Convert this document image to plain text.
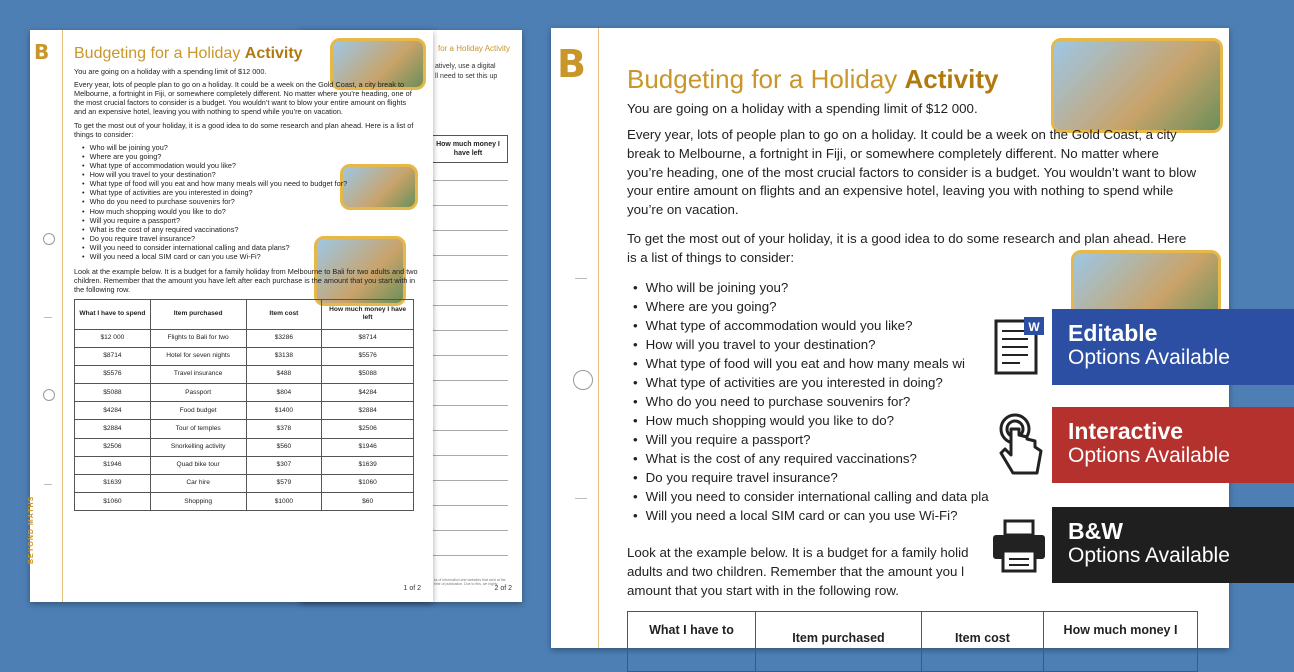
for a Holiday Activity
atively, use a digital
ll need to set this up
How much money I have left
ks of information and websites that ared at the time of publication. Due to this, we highly
2 of 2
B Budgeting for a Holiday Activity

You are going on a holiday with a spending limit of $12 000.

Every year, lots of people plan to go on a holiday. It could be a week on the Gold Coast, a city break to Melbourne, a fortnight in Fiji, or somewhere completely different. No matter where you’re heading, one of the most crucial factors to consider is a budget. You wouldn’t want to blow your entire amount on flights and an expensive hotel, leaving you with nothing to spend while you’re on vacation.

To get the most out of your holiday, it is a good idea to do some research and plan ahead. Here is a list of things to consider:

• Who will be joining you?
• Where are you going?
• What type of accommodation would you like?
• How will you travel to your destination?
• What type of food will you eat and how many meals will you need to budget for?
• What type of activities are you interested in doing?
• Who do you need to purchase souvenirs for?
• How much shopping would you like to do?
• Will you require a passport?
• What is the cost of any required vaccinations?
• Do you require travel insurance?
• Will you need to consider international calling and data plans?
• Will you need a local SIM card or can you use Wi-Fi?

Look at the example below. It is a budget for a family holiday from Melbourne to Bali for two adults and two children. Remember that the amount you have left after each purchase is the amount that you start with in the following row.

What I have to spend	Item purchased	Item cost	How much money I have left
$12 000	Flights to Bali for two	$3286	$8714
$8714	Hotel for seven nights	$3138	$5576
$5576	Travel insurance	$488	$5088
$5088	Passport	$804	$4284
$4284	Food budget	$1400	$2884
$2884	Tour of temples	$378	$2506
$2506	Snorkelling activity	$560	$1946
$1946	Quad bike tour	$307	$1639
$1639	Car hire	$579	$1060
$1060	Shopping	$1000	$60
BEYOND MATHS
1 of 2
B Budgeting for a Holiday Activity

You are going on a holiday with a spending limit of $12 000.

Every year, lots of people plan to go on a holiday. It could be a week on the Gold Coast, a city break to Melbourne, a fortnight in Fiji, or somewhere completely different. No matter where you’re heading, one of the most crucial factors to consider is a budget. You wouldn’t want to blow your entire amount on flights and an expensive hotel, leaving you with nothing to spend while you’re on vacation.

To get the most out of your holiday, it is a good idea to do some research and plan ahead. Here is a list of things to consider:

• Who will be joining you?
• Where are you going?
• What type of accommodation would you like?
• How will you travel to your destination?
• What type of food will you eat and how many meals wi
• What type of activities are you interested in doing?
• Who do you need to purchase souvenirs for?
• How much shopping would you like to do?
• Will you require a passport?
• What is the cost of any required vaccinations?
• Do you require travel insurance?
• Will you need to consider international calling and data pla
• Will you need a local SIM card or can you use Wi-Fi?
Look at the example below. It is a budget for a family holid
adults and two children. Remember that the amount you l
amount that you start with in the following row.
What I have to	Item purchased	Item cost	How much money I
W Editable
Options Available
Interactive
Options Available
B&W
Options Available
